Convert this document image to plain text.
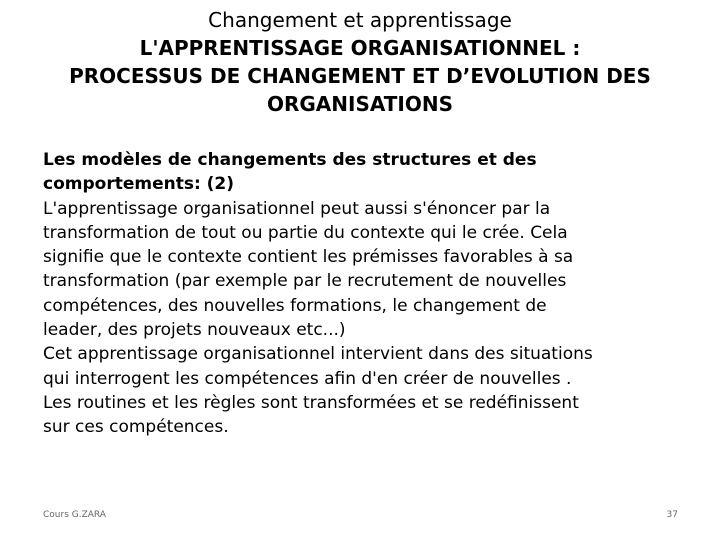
Changement et apprentissage
L'APPRENTISSAGE ORGANISATIONNEL :
PROCESSUS DE CHANGEMENT ET D’EVOLUTION DES
ORGANISATIONS

Les modèles de changements des structures et des
comportements: (2)

L'apprentissage organisationnel peut aussi s'énoncer par la
transformation de tout ou partie du contexte qui le crée. Cela
signifie que le contexte contient les prémisses favorables à sa
transformation (par exemple par le recrutement de nouvelles
compétences, des nouvelles formations, le changement de
leader, des projets nouveaux etc...)

Cet apprentissage organisationnel intervient dans des situations
qui interrogent les compétences afin d'en créer de nouvelles .
Les routines et les règles sont transformées et se redéfinissent
sur ces compétences.

Cours G.ZARA	37
